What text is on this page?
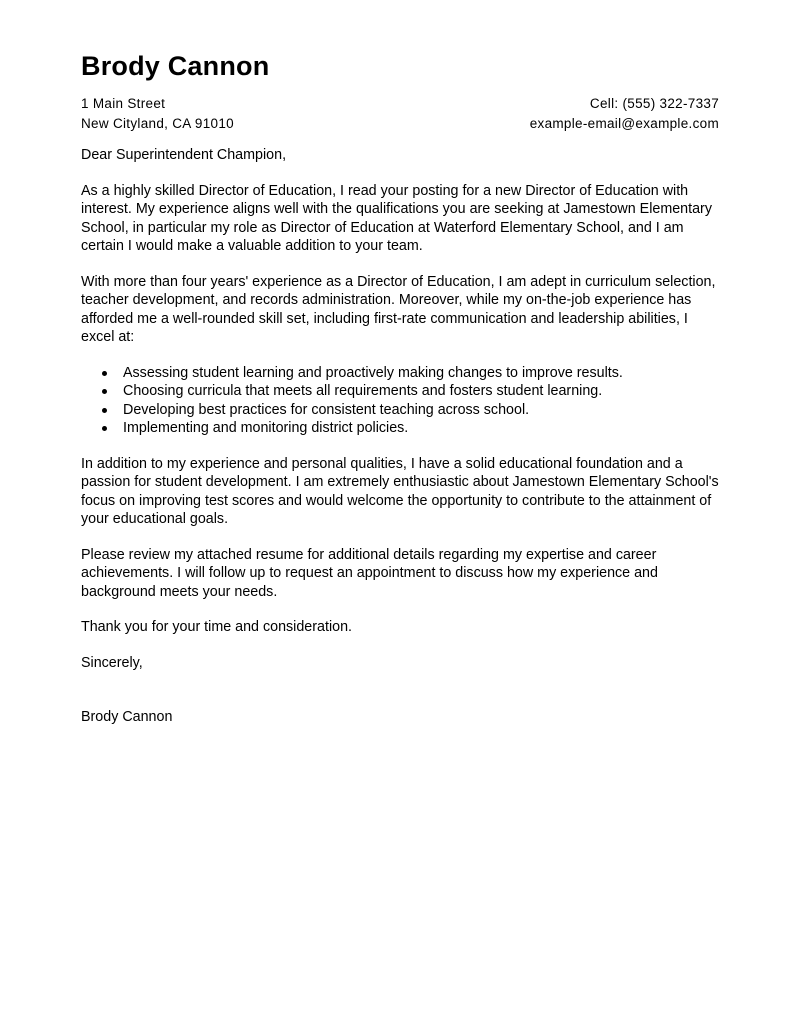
Brody Cannon
1 Main Street	Cell: (555) 322-7337
New Cityland, CA 91010	example-email@example.com

Dear Superintendent Champion,

As a highly skilled Director of Education, I read your posting for a new Director of Education with interest. My experience aligns well with the qualifications you are seeking at Jamestown Elementary School, in particular my role as Director of Education at Waterford Elementary School, and I am certain I would make a valuable addition to your team.

With more than four years' experience as a Director of Education, I am adept in curriculum selection, teacher development, and records administration. Moreover, while my on-the-job experience has afforded me a well-rounded skill set, including first-rate communication and leadership abilities, I excel at:

Assessing student learning and proactively making changes to improve results.
Choosing curricula that meets all requirements and fosters student learning.
Developing best practices for consistent teaching across school.
Implementing and monitoring district policies.

In addition to my experience and personal qualities, I have a solid educational foundation and a passion for student development. I am extremely enthusiastic about Jamestown Elementary School's focus on improving test scores and would welcome the opportunity to contribute to the attainment of your educational goals.

Please review my attached resume for additional details regarding my expertise and career achievements. I will follow up to request an appointment to discuss how my experience and background meets your needs.

Thank you for your time and consideration.

Sincerely,

Brody Cannon
